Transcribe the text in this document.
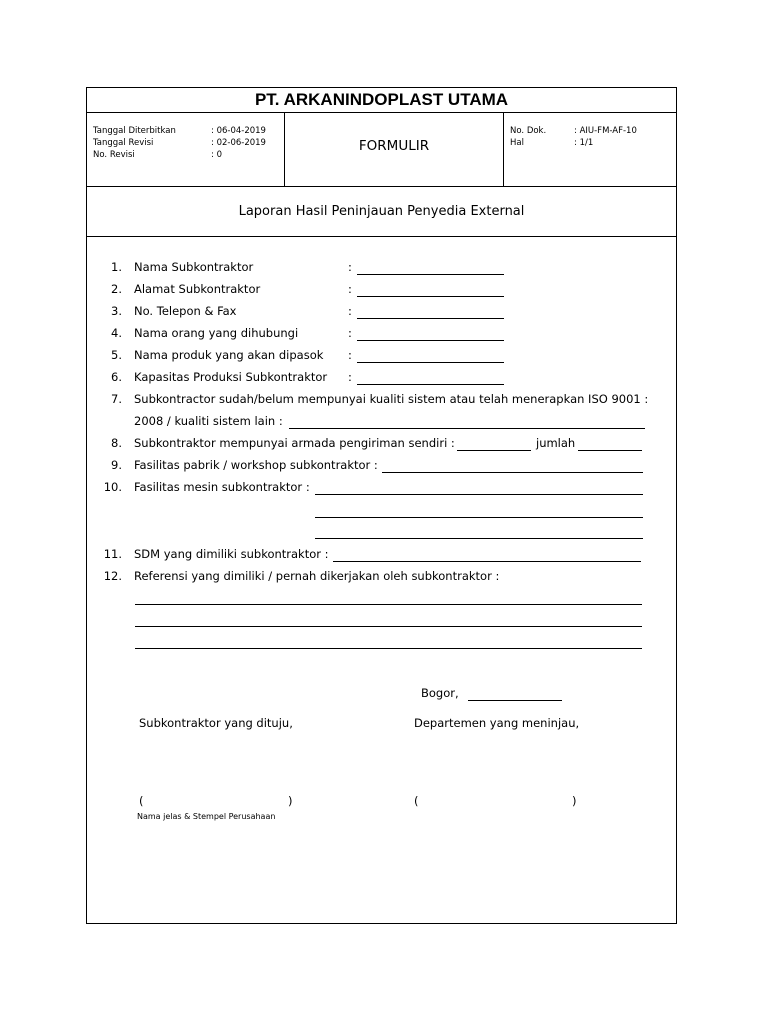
PT. ARKANINDOPLAST UTAMA
Tanggal Diterbitkan	: 06-04-2019
Tanggal Revisi	: 02-06-2019
No. Revisi	: 0
FORMULIR
No. Dok.	: AIU-FM-AF-10
Hal	: 1/1
Laporan Hasil Peninjauan Penyedia External
1. Nama Subkontraktor	:
2. Alamat Subkontraktor	:
3. No. Telepon & Fax	:
4. Nama orang yang dihubungi	:
5. Nama produk yang akan dipasok :
6. Kapasitas Produksi Subkontraktor :
7. Subkontractor sudah/belum mempunyai kualiti sistem atau telah menerapkan ISO 9001 :
2008 / kualiti sistem lain :
8. Subkontraktor mempunyai armada pengiriman sendiri :	jumlah
9. Fasilitas pabrik / workshop subkontraktor :
10. Fasilitas mesin subkontraktor :
11. SDM yang dimiliki subkontraktor :
12. Referensi yang dimiliki / pernah dikerjakan oleh subkontraktor :
Bogor,
Subkontraktor yang dituju,	Departemen yang meninjau,
(	)	(	)
Nama jelas & Stempel Perusahaan
